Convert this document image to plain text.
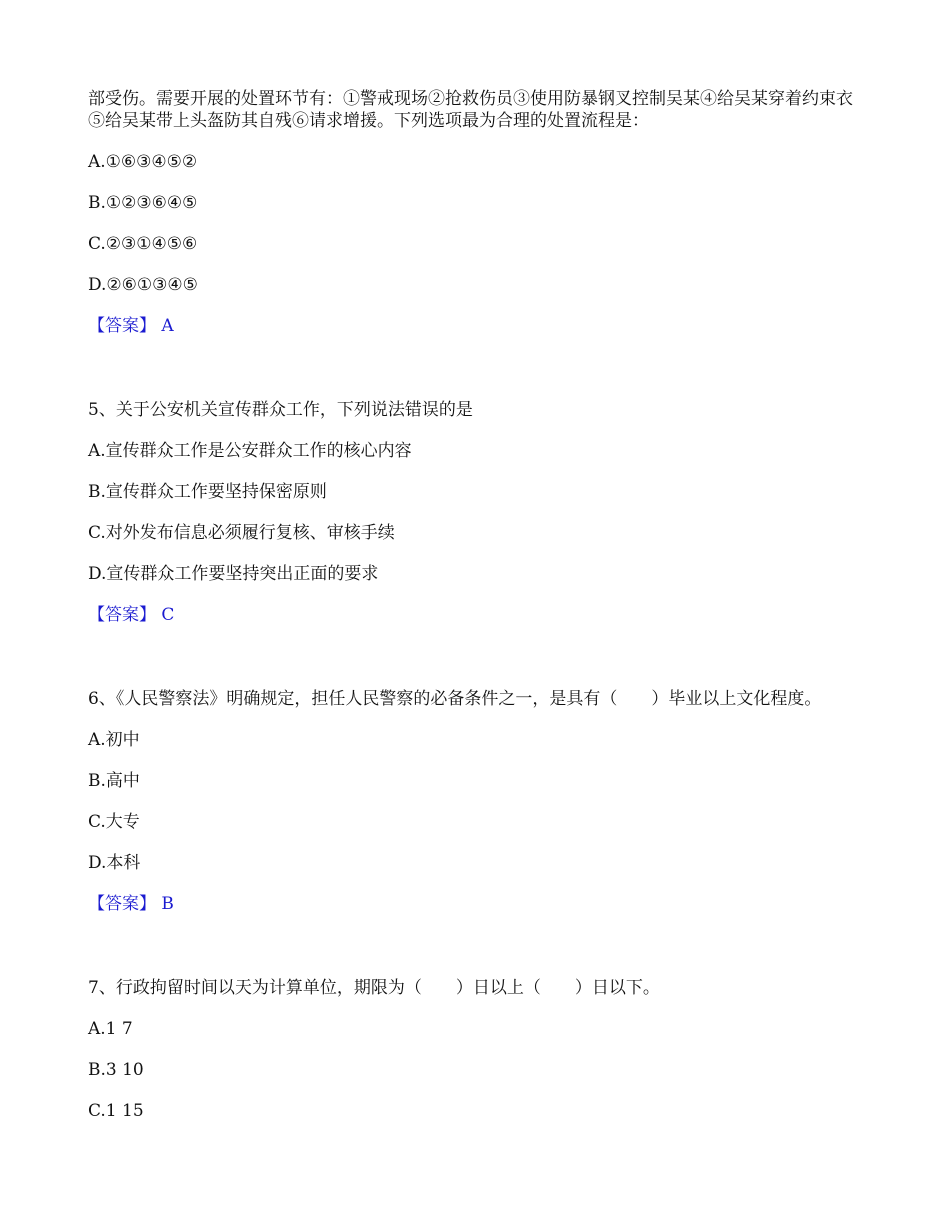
部受伤。需要开展的处置环节有：①警戒现场②抢救伤员③使用防暴钢叉控制吴某④给吴某穿着约束衣⑤给吴某带上头盔防其自残⑥请求增援。下列选项最为合理的处置流程是：

A.①⑥③④⑤②

B.①②③⑥④⑤

C.②③①④⑤⑥

D.②⑥①③④⑤

【答案】 A

5、关于公安机关宣传群众工作，下列说法错误的是

A.宣传群众工作是公安群众工作的核心内容

B.宣传群众工作要坚持保密原则

C.对外发布信息必须履行复核、审核手续

D.宣传群众工作要坚持突出正面的要求

【答案】 C

6、《人民警察法》明确规定，担任人民警察的必备条件之一，是具有（　　）毕业以上文化程度。

A.初中

B.高中

C.大专

D.本科

【答案】 B

7、行政拘留时间以天为计算单位，期限为（　　）日以上（　　）日以下。

A.1 7

B.3 10

C.1 15
